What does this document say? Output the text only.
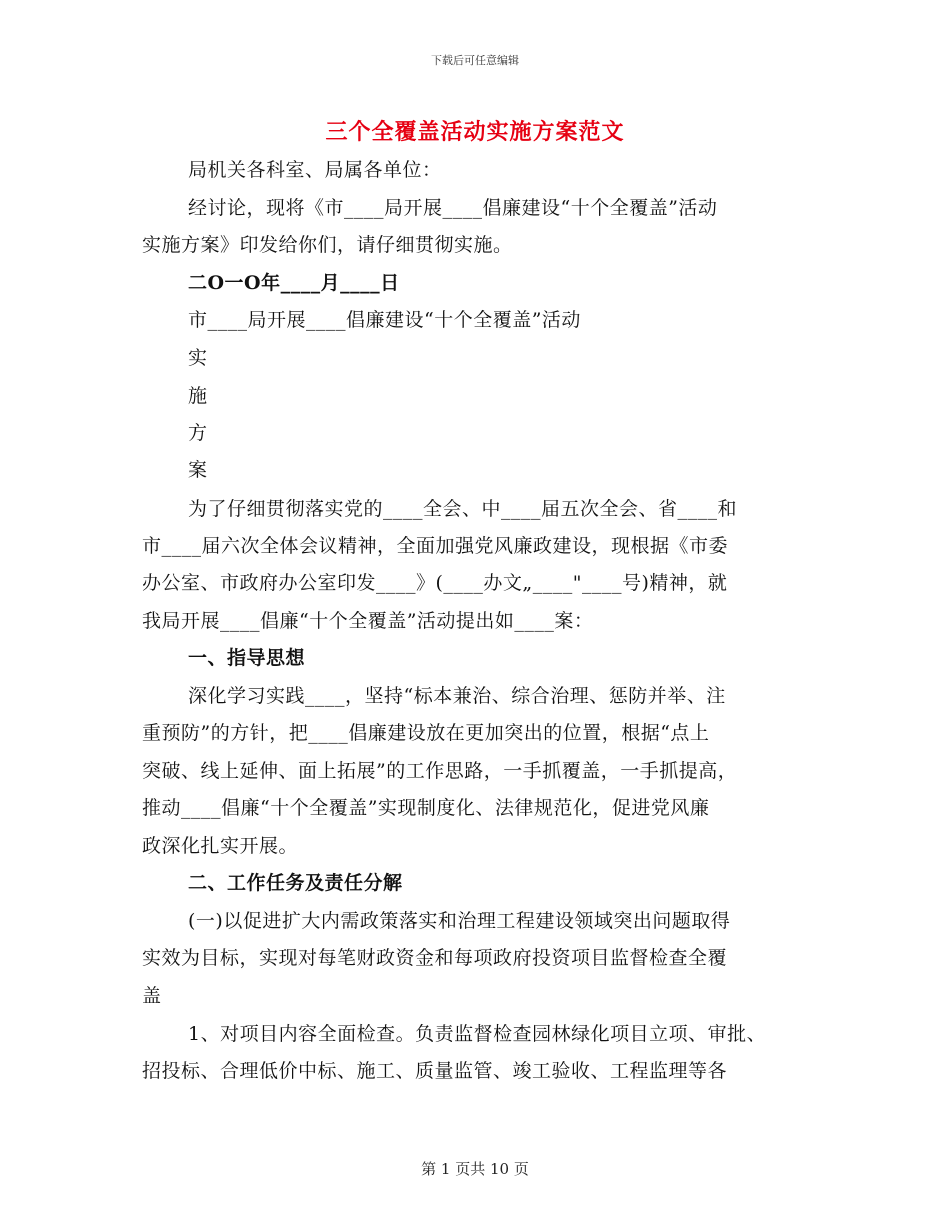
下载后可任意编辑
三个全覆盖活动实施方案范文
局机关各科室、局属各单位：
经讨论，现将《市____局开展____倡廉建设“十个全覆盖”活动
实施方案》印发给你们，请仔细贯彻实施。
二O一O年____月____日
市____局开展____倡廉建设“十个全覆盖”活动
实
施
方
案
为了仔细贯彻落实党的____全会、中____届五次全会、省____和
市____届六次全体会议精神，全面加强党风廉政建设，现根据《市委
办公室、市政府办公室印发____》(____办文„____"____号)精神，就
我局开展____倡廉“十个全覆盖”活动提出如____案：
一、指导思想
深化学习实践____，坚持“标本兼治、综合治理、惩防并举、注
重预防”的方针，把____倡廉建设放在更加突出的位置，根据“点上
突破、线上延伸、面上拓展”的工作思路，一手抓覆盖，一手抓提高，
推动____倡廉“十个全覆盖”实现制度化、法律规范化，促进党风廉
政深化扎实开展。
二、工作任务及责任分解
(一)以促进扩大内需政策落实和治理工程建设领域突出问题取得
实效为目标，实现对每笔财政资金和每项政府投资项目监督检查全覆
盖
1、对项目内容全面检查。负责监督检查园林绿化项目立项、审批、
招投标、合理低价中标、施工、质量监管、竣工验收、工程监理等各
第 1 页共 10 页
